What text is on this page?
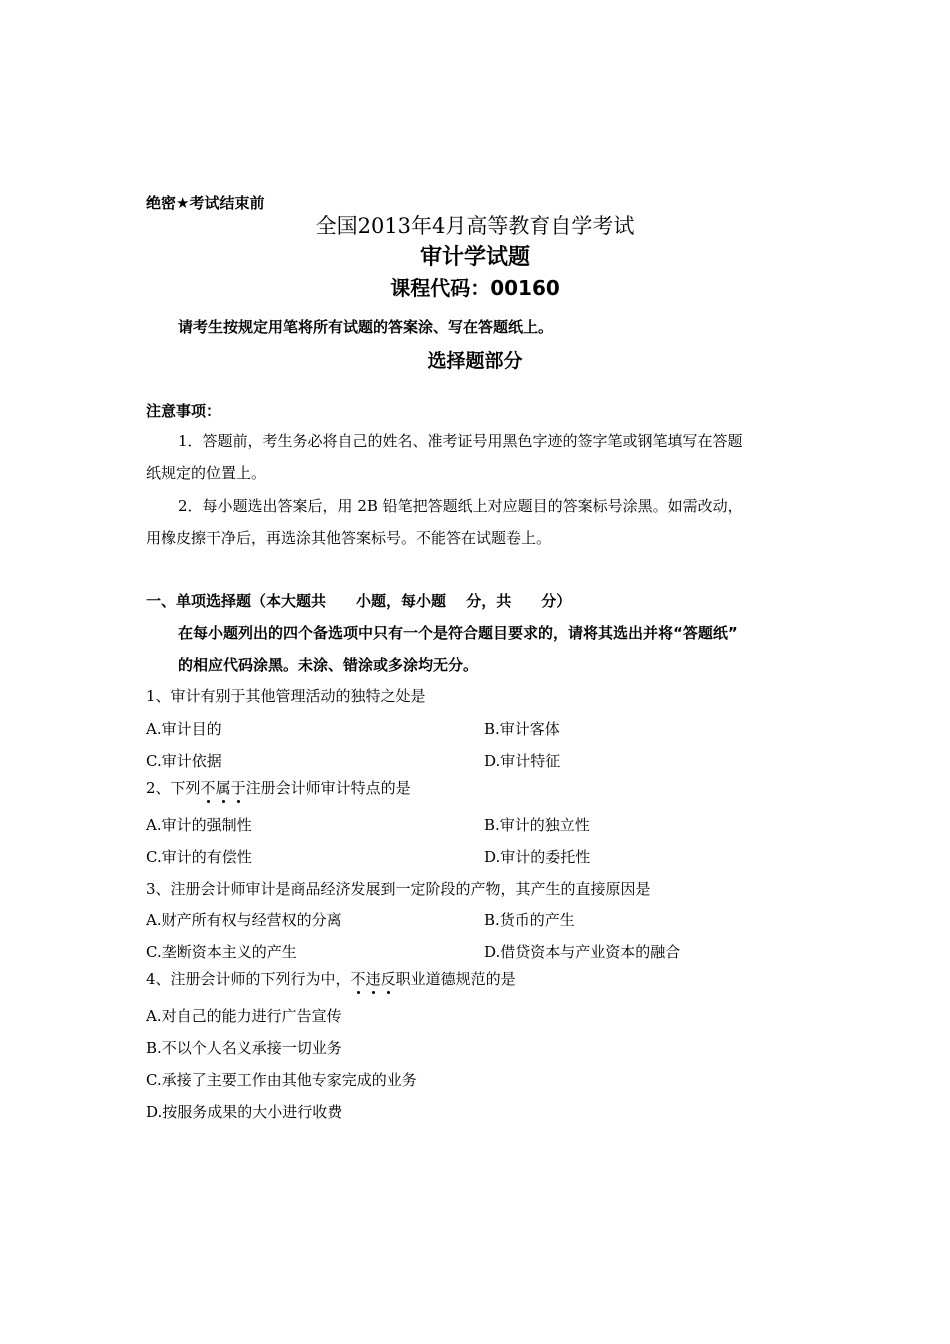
绝密★考试结束前
全国2013年4月高等教育自学考试
审计学试题
课程代码：00160
请考生按规定用笔将所有试题的答案涂、写在答题纸上。
选择题部分
注意事项：
1．答题前，考生务必将自己的姓名、准考证号用黑色字迹的签字笔或钢笔填写在答题
纸规定的位置上。
2．每小题选出答案后，用 2B 铅笔把答题纸上对应题目的答案标号涂黑。如需改动，
用橡皮擦干净后，再选涂其他答案标号。不能答在试题卷上。
一、单项选择题（本大题共　　小题，每小题　 分，共　　分）
在每小题列出的四个备选项中只有一个是符合题目要求的，请将其选出并将“答题纸”
的相应代码涂黑。未涂、错涂或多涂均无分。
1、审计有别于其他管理活动的独特之处是
A.审计目的	B.审计客体
C.审计依据	D.审计特征
2、下列不属于注册会计师审计特点的是
A.审计的强制性	B.审计的独立性
C.审计的有偿性	D.审计的委托性
3、注册会计师审计是商品经济发展到一定阶段的产物，其产生的直接原因是
A.财产所有权与经营权的分离	B.货币的产生
C.垄断资本主义的产生	D.借贷资本与产业资本的融合
4、注册会计师的下列行为中，不违反职业道德规范的是
A.对自己的能力进行广告宣传
B.不以个人名义承接一切业务
C.承接了主要工作由其他专家完成的业务
D.按服务成果的大小进行收费
